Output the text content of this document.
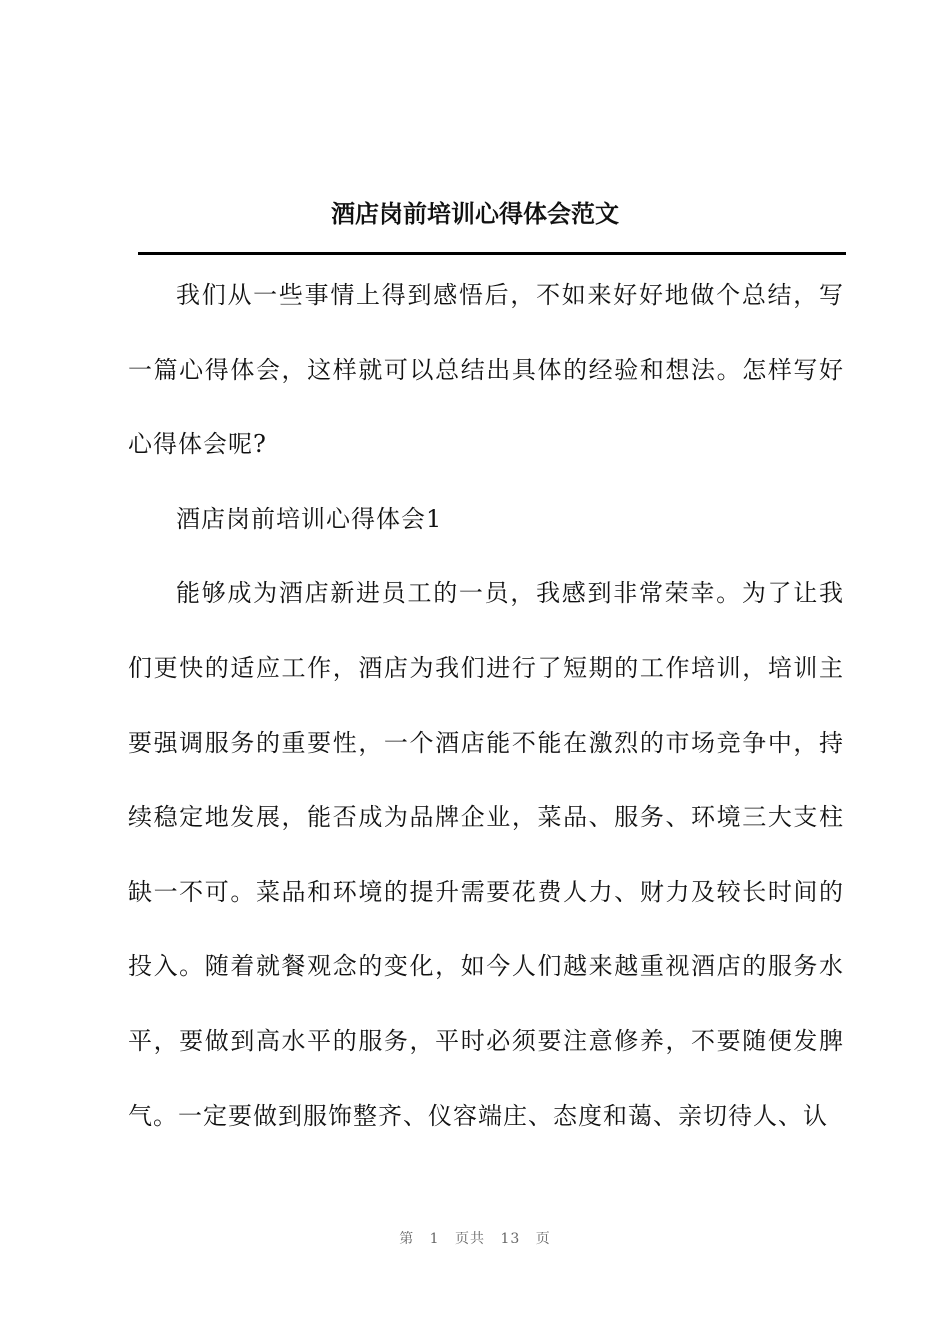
酒店岗前培训心得体会范文

我们从一些事情上得到感悟后，不如来好好地做个总结，写一篇心得体会，这样就可以总结出具体的经验和想法。怎样写好心得体会呢?

酒店岗前培训心得体会1

能够成为酒店新进员工的一员，我感到非常荣幸。为了让我们更快的适应工作，酒店为我们进行了短期的工作培训，培训主要强调服务的重要性，一个酒店能不能在激烈的市场竞争中，持续稳定地发展，能否成为品牌企业，菜品、服务、环境三大支柱缺一不可。菜品和环境的提升需要花费人力、财力及较长时间的投入。随着就餐观念的变化，如今人们越来越重视酒店的服务水平，要做到高水平的服务，平时必须要注意修养，不要随便发脾气。一定要做到服饰整齐、仪容端庄、态度和蔼、亲切待人、认

第 1 页共 13 页
